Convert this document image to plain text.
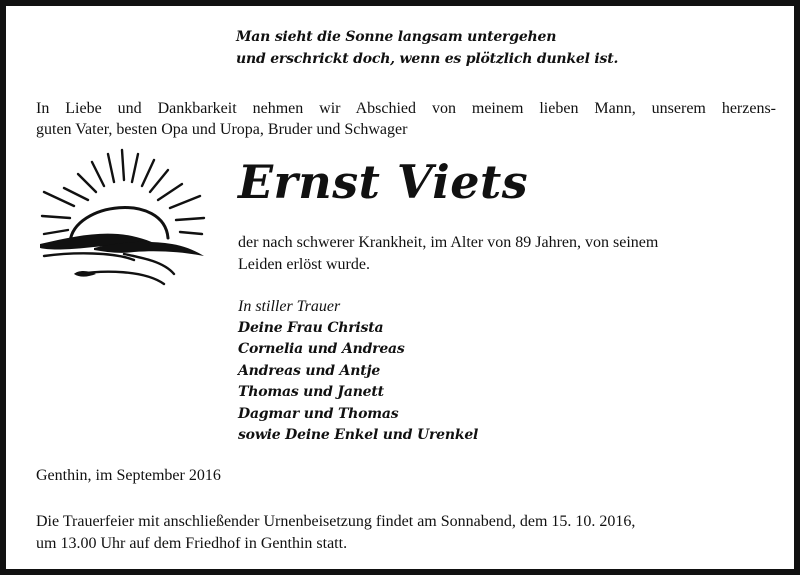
Man sieht die Sonne langsam untergehen
und erschrickt doch, wenn es plötzlich dunkel ist.
In Liebe und Dankbarkeit nehmen wir Abschied von meinem lieben Mann, unserem herzens-
guten Vater, besten Opa und Uropa, Bruder und Schwager
Ernst Viets
der nach schwerer Krankheit, im Alter von 89 Jahren, von seinem
Leiden erlöst wurde.
In stiller Trauer
Deine Frau Christa
Cornelia und Andreas
Andreas und Antje
Thomas und Janett
Dagmar und Thomas
sowie Deine Enkel und Urenkel
Genthin, im September 2016
Die Trauerfeier mit anschließender Urnenbeisetzung findet am Sonnabend, dem 15. 10. 2016,
um 13.00 Uhr auf dem Friedhof in Genthin statt.
